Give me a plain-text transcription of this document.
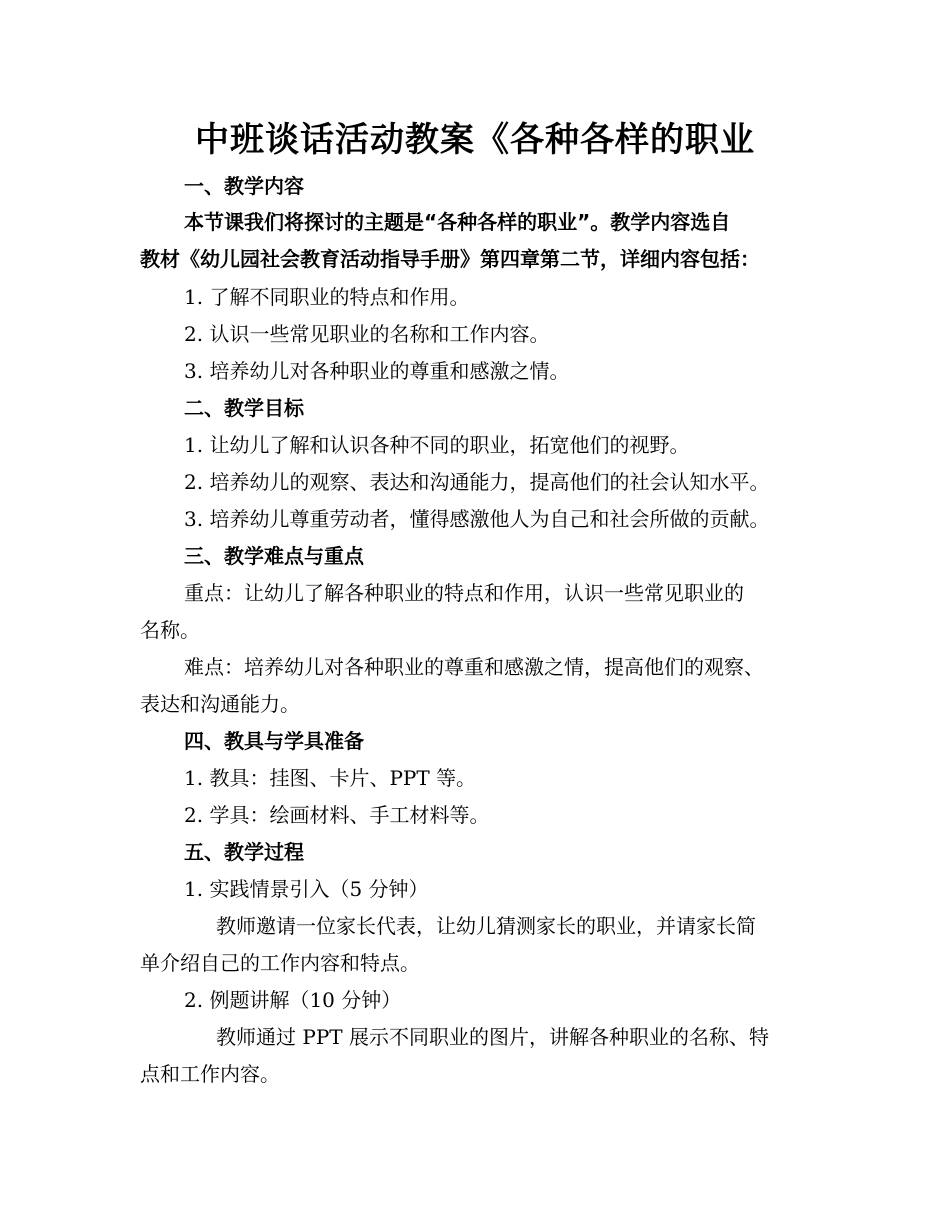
中班谈话活动教案《各种各样的职业
一、教学内容
本节课我们将探讨的主题是“各种各样的职业”。教学内容选自
教材《幼儿园社会教育活动指导手册》第四章第二节，详细内容包括：
1. 了解不同职业的特点和作用。
2. 认识一些常见职业的名称和工作内容。
3. 培养幼儿对各种职业的尊重和感激之情。
二、教学目标
1. 让幼儿了解和认识各种不同的职业，拓宽他们的视野。
2. 培养幼儿的观察、表达和沟通能力，提高他们的社会认知水平。
3. 培养幼儿尊重劳动者，懂得感激他人为自己和社会所做的贡献。
三、教学难点与重点
重点：让幼儿了解各种职业的特点和作用，认识一些常见职业的
名称。
难点：培养幼儿对各种职业的尊重和感激之情，提高他们的观察、
表达和沟通能力。
四、教具与学具准备
1. 教具：挂图、卡片、PPT 等。
2. 学具：绘画材料、手工材料等。
五、教学过程
1. 实践情景引入（5 分钟）
教师邀请一位家长代表，让幼儿猜测家长的职业，并请家长简
单介绍自己的工作内容和特点。
2. 例题讲解（10 分钟）
教师通过 PPT 展示不同职业的图片，讲解各种职业的名称、特
点和工作内容。
